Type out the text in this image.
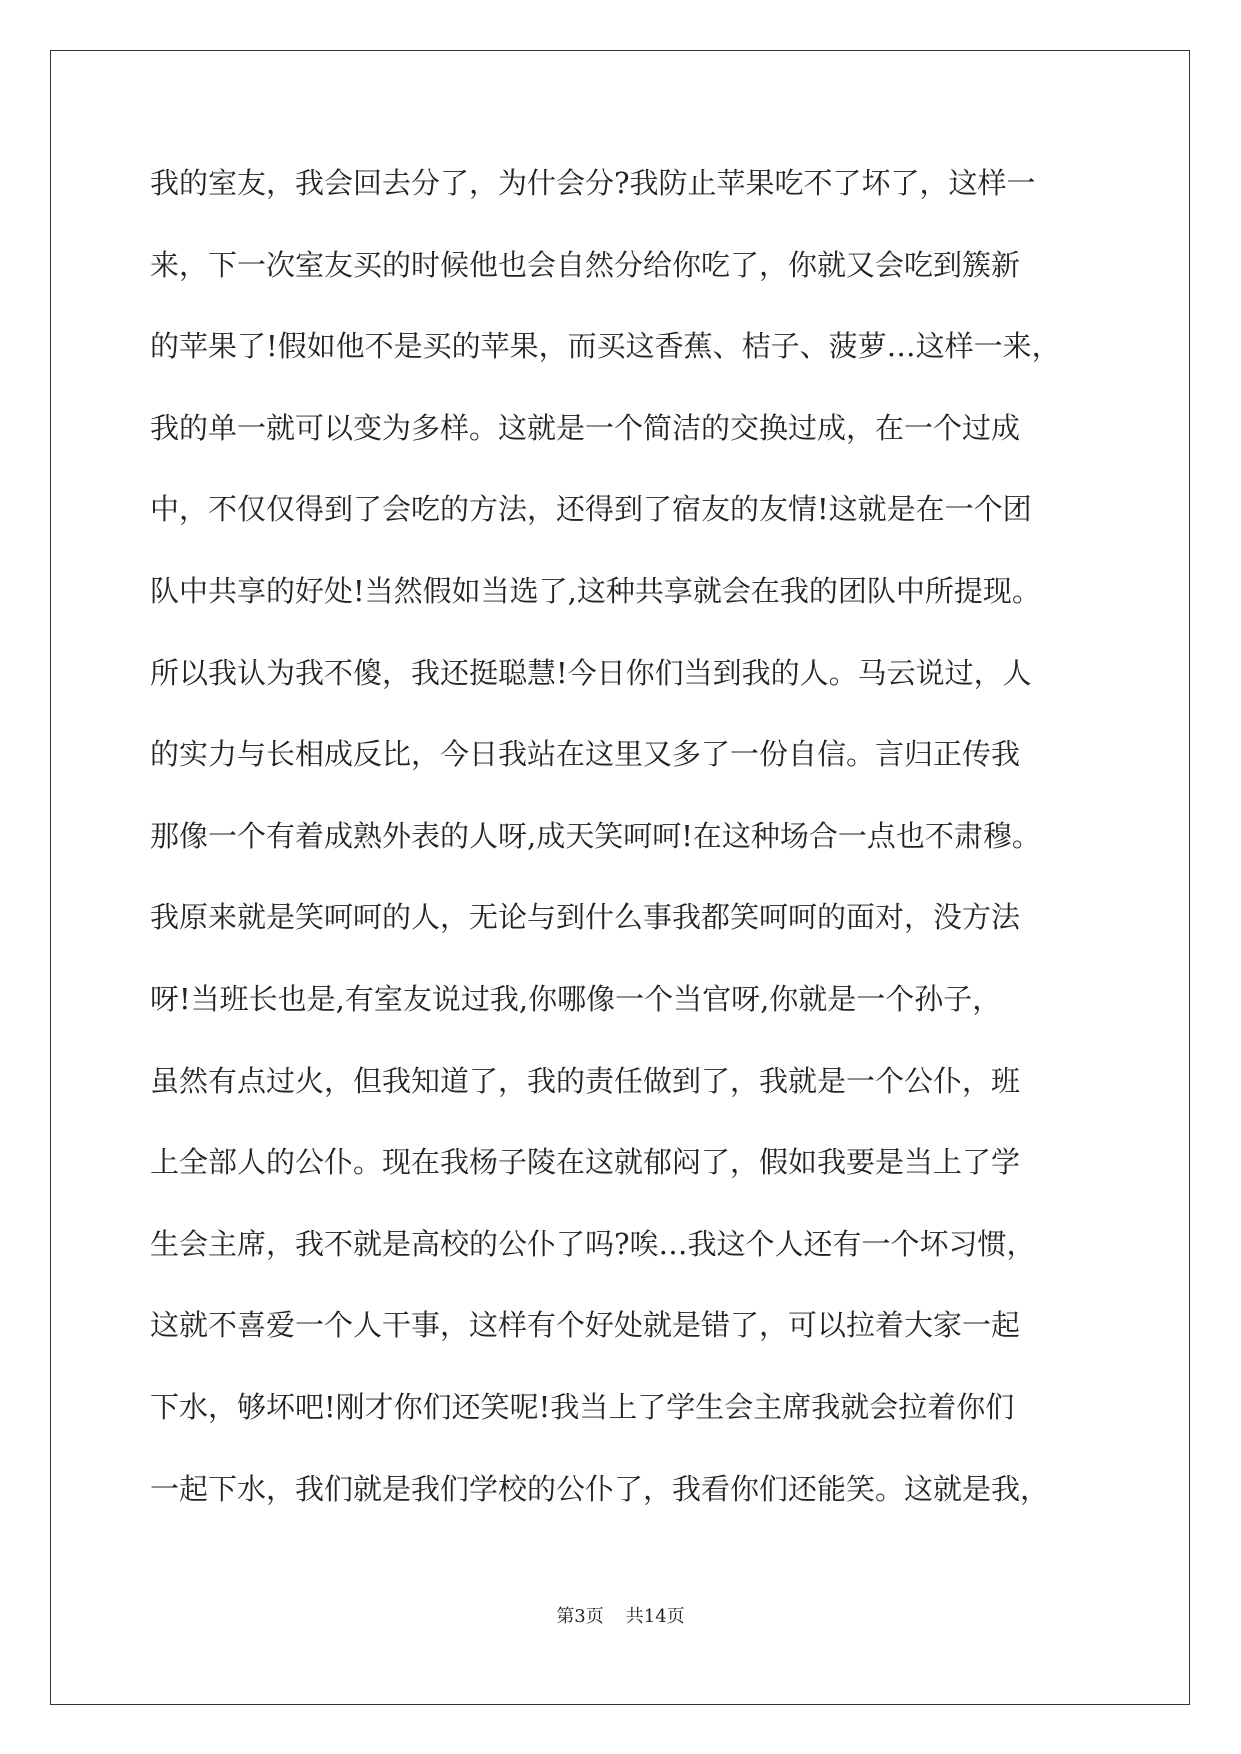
我的室友，我会回去分了，为什会分?我防止苹果吃不了坏了，这样一
来，下一次室友买的时候他也会自然分给你吃了，你就又会吃到簇新
的苹果了!假如他不是买的苹果，而买这香蕉、桔子、菠萝…这样一来，
我的单一就可以变为多样。这就是一个简洁的交换过成，在一个过成
中，不仅仅得到了会吃的方法，还得到了宿友的友情!这就是在一个团
队中共享的好处!当然假如当选了,这种共享就会在我的团队中所提现。
所以我认为我不傻，我还挺聪慧!今日你们当到我的人。马云说过，人
的实力与长相成反比，今日我站在这里又多了一份自信。言归正传我
那像一个有着成熟外表的人呀,成天笑呵呵!在这种场合一点也不肃穆。
我原来就是笑呵呵的人，无论与到什么事我都笑呵呵的面对，没方法
呀!当班长也是,有室友说过我,你哪像一个当官呀,你就是一个孙子，
虽然有点过火，但我知道了，我的责任做到了，我就是一个公仆，班
上全部人的公仆。现在我杨子陵在这就郁闷了，假如我要是当上了学
生会主席，我不就是高校的公仆了吗?唉…我这个人还有一个坏习惯，
这就不喜爱一个人干事，这样有个好处就是错了，可以拉着大家一起
下水，够坏吧!刚才你们还笑呢!我当上了学生会主席我就会拉着你们
一起下水，我们就是我们学校的公仆了，我看你们还能笑。这就是我，
第3页 共14页
